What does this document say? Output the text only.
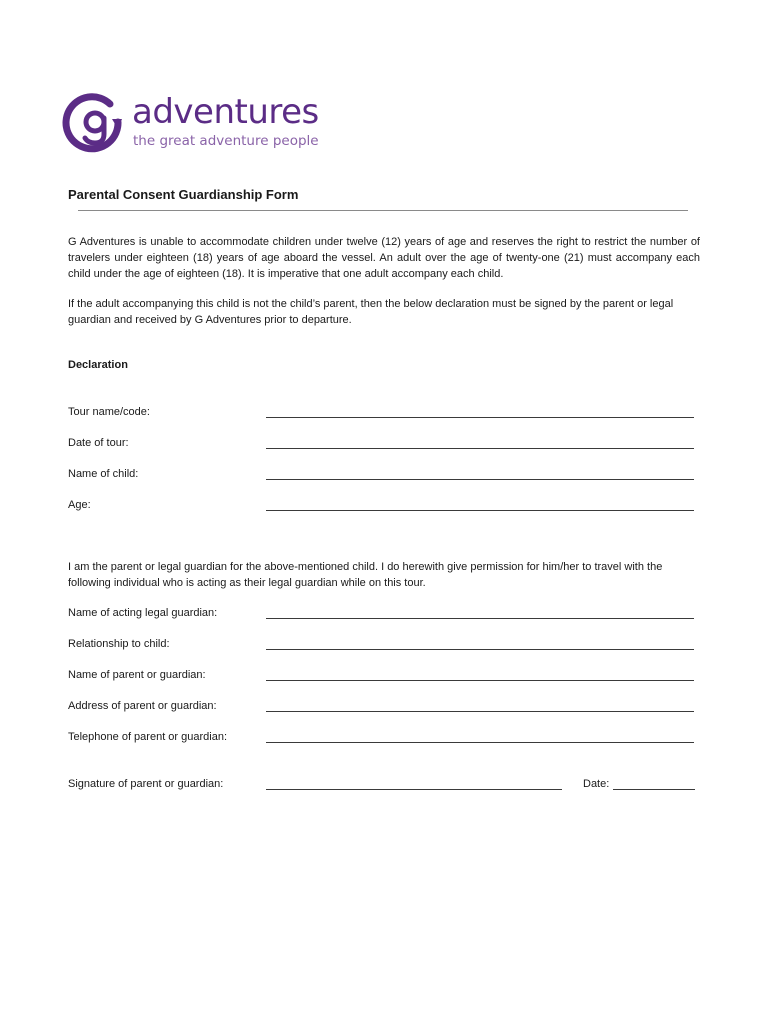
adventures
the great adventure people
Parental Consent Guardianship Form

G Adventures is unable to accommodate children under twelve (12) years of age and reserves the right to restrict the number of travelers under eighteen (18) years of age aboard the vessel. An adult over the age of twenty-one (21) must accompany each child under the age of eighteen (18). It is imperative that one adult accompany each child.

If the adult accompanying this child is not the child’s parent, then the below declaration must be signed by the parent or legal guardian and received by G Adventures prior to departure.

Declaration
Tour name/code:
Date of tour:
Name of child:
Age:

I am the parent or legal guardian for the above-mentioned child. I do herewith give permission for him/her to travel with the following individual who is acting as their legal guardian while on this tour.

Name of acting legal guardian:
Relationship to child:
Name of parent or guardian:
Address of parent or guardian:
Telephone of parent or guardian:
Signature of parent or guardian:	Date:
